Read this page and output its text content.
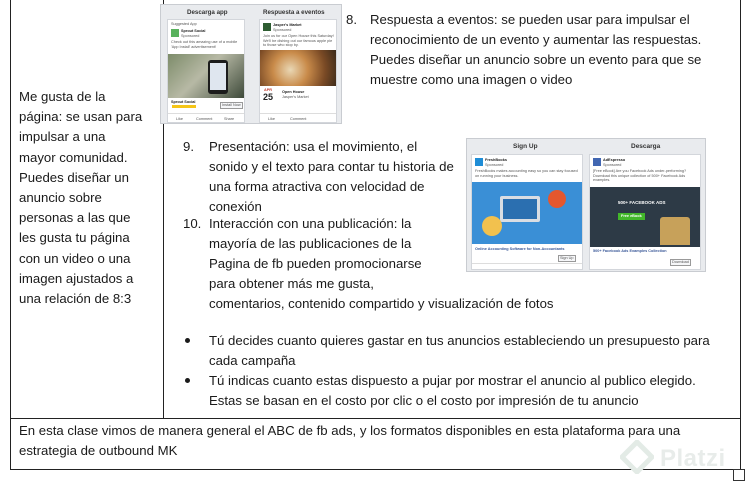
Me gusta de la
página: se usan para
impulsar a una
mayor comunidad.
Puedes diseñar un
anuncio sobre
personas a las que
les gusta tu página
con un video o una
imagen ajustados a
una relación de 8:3
En esta clase vimos de manera general el ABC de fb ads, y los formatos disponibles en esta plataforma para una estrategia de outbound MK
8. Respuesta a eventos: se pueden usar para impulsar el reconocimiento de un evento y aumentar las respuestas. Puedes diseñar un anuncio sobre un evento para que se muestre como una imagen o video
9.	Presentación: usa el movimiento, el sonido y el texto para contar tu historia de una forma atractiva con velocidad de conexión
10. Interacción con una publicación: la mayoría de las publicaciones de la Pagina de fb pueden promocionarse para obtener más me gusta,
comentarios, contenido compartido y visualización de fotos
Tú decides cuanto quieres gastar en tus anuncios estableciendo un presupuesto para cada campaña
Tú indicas cuanto estas dispuesto a pujar por mostrar el anuncio al publico elegido. Estas se basan en el costo por clic o el costo por impresión de tu anuncio
Descarga app	Respuesta a eventos
Suggested App
Sprout Social
Sponsored
Check out this amazing use of a mobile 'App Install' advertisement!
Sprout Social
Install Now
Like	Comment	Share
Jasper's Market
Sponsored
Join us for our Open House this Saturday! We'll be dishing out our famous apple pie to those who stop by.
APR
25 Open House
Jasper's Market
Like	Comment
Sign Up	Descarga
FreshBooks
Sponsored
FreshBooks makes accounting easy so you can stay focused on running your business.
Online Accounting Software for Non-Accountants
Sign Up
AdEspresso
Sponsored
[Free eBook] Are you Facebook Ads under-performing? Download this unique collection of 500+ Facebook Ads examples.
500+ FACEBOOK ADS
Free eBook
500+ Facebook Ads Examples Collection
Download
Platzi
